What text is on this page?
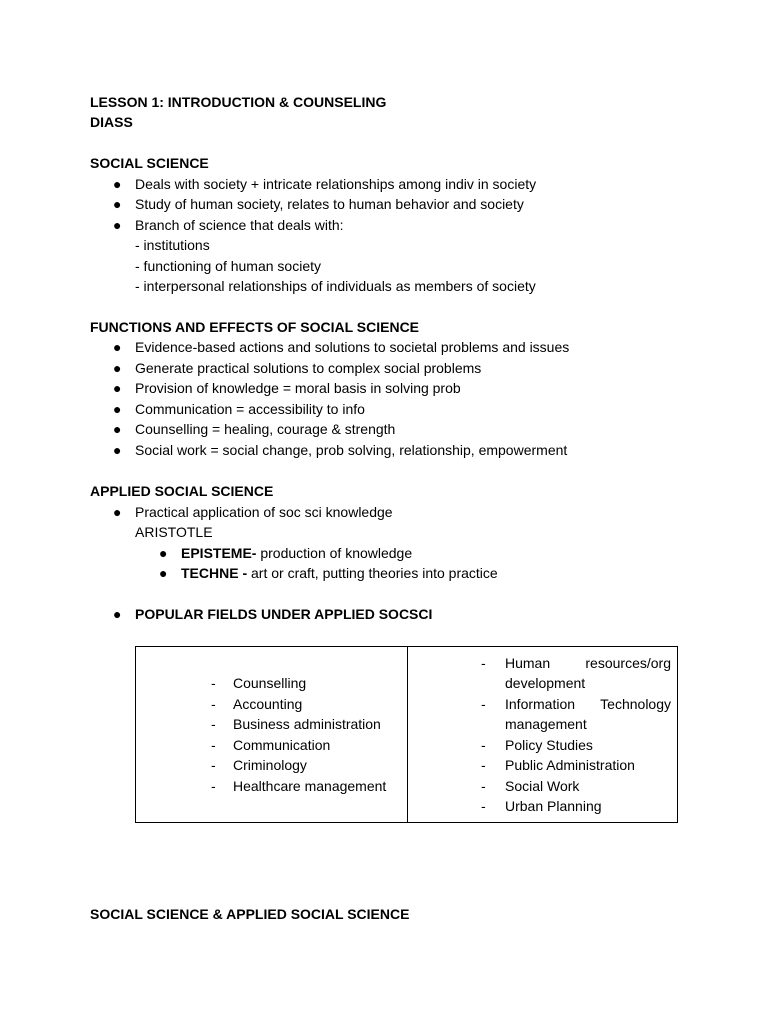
LESSON 1: INTRODUCTION & COUNSELING
DIASS
SOCIAL SCIENCE
● Deals with society + intricate relationships among indiv in society
● Study of human society, relates to human behavior and society
● Branch of science that deals with:
- institutions
- functioning of human society
- interpersonal relationships of individuals as members of society
FUNCTIONS AND EFFECTS OF SOCIAL SCIENCE
● Evidence-based actions and solutions to societal problems and issues
● Generate practical solutions to complex social problems
● Provision of knowledge = moral basis in solving prob
● Communication = accessibility to info
● Counselling = healing, courage & strength
● Social work = social change, prob solving, relationship, empowerment
APPLIED SOCIAL SCIENCE
● Practical application of soc sci knowledge
ARISTOTLE
● EPISTEME- production of knowledge
● TECHNE - art or craft, putting theories into practice
● POPULAR FIELDS UNDER APPLIED SOCSCI
- Counselling
- Accounting
- Business administration
- Communication
- Criminology
- Healthcare management

- Human resources/org development
- Information Technology management
- Policy Studies
- Public Administration
- Social Work
- Urban Planning
SOCIAL SCIENCE & APPLIED SOCIAL SCIENCE
